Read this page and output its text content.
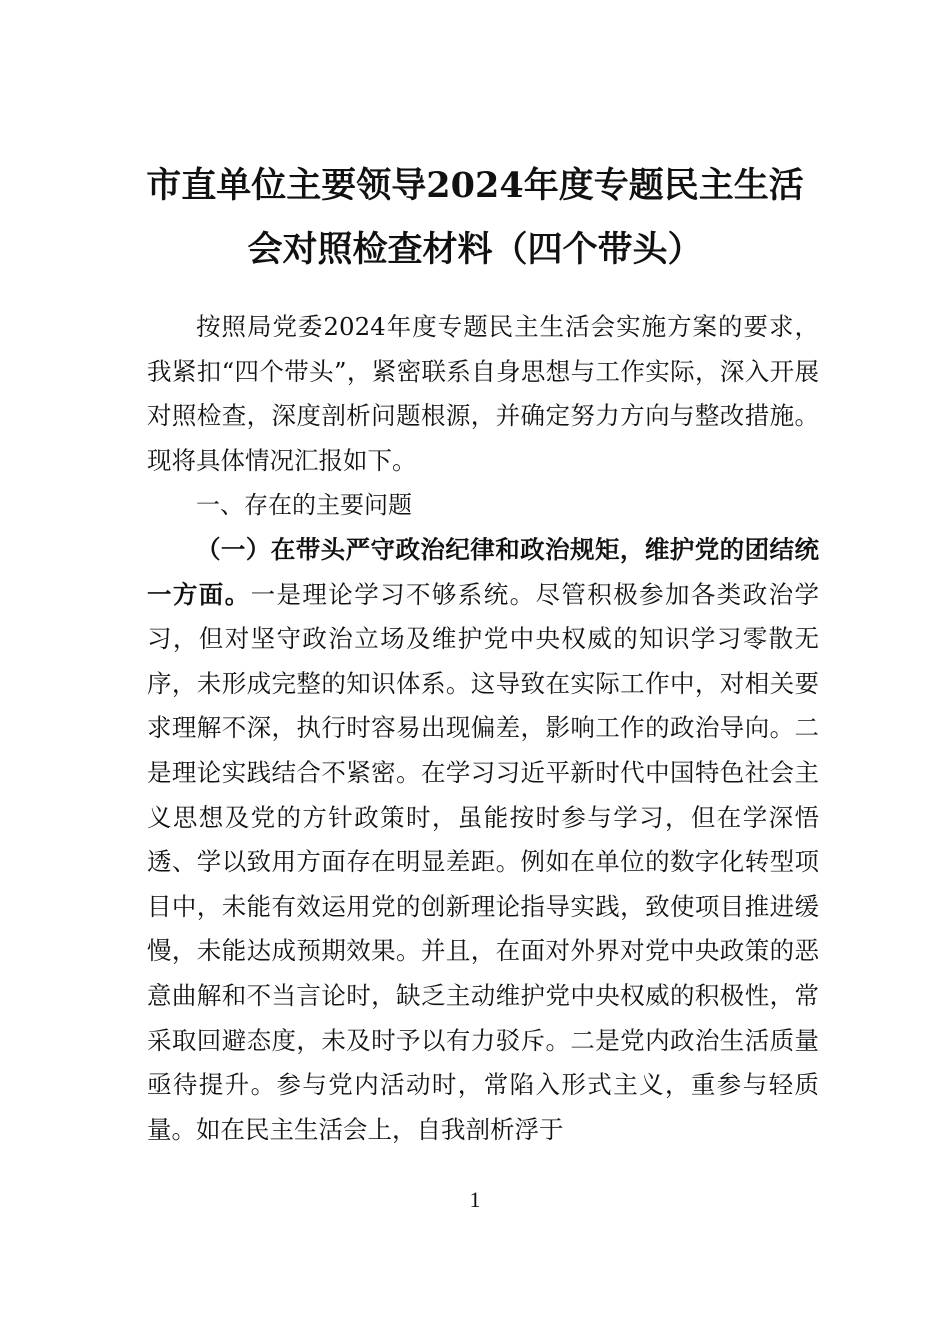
市直单位主要领导2024年度专题民主生活
会对照检查材料（四个带头）

按照局党委2024年度专题民主生活会实施方案的要求，我紧扣“四个带头”，紧密联系自身思想与工作实际，深入开展对照检查，深度剖析问题根源，并确定努力方向与整改措施。现将具体情况汇报如下。

一、存在的主要问题

（一）在带头严守政治纪律和政治规矩，维护党的团结统一方面。一是理论学习不够系统。尽管积极参加各类政治学习，但对坚守政治立场及维护党中央权威的知识学习零散无序，未形成完整的知识体系。这导致在实际工作中，对相关要求理解不深，执行时容易出现偏差，影响工作的政治导向。二是理论实践结合不紧密。在学习习近平新时代中国特色社会主义思想及党的方针政策时，虽能按时参与学习，但在学深悟透、学以致用方面存在明显差距。例如在单位的数字化转型项目中，未能有效运用党的创新理论指导实践，致使项目推进缓慢，未能达成预期效果。并且，在面对外界对党中央政策的恶意曲解和不当言论时，缺乏主动维护党中央权威的积极性，常采取回避态度，未及时予以有力驳斥。二是党内政治生活质量亟待提升。参与党内活动时，常陷入形式主义，重参与轻质量。如在民主生活会上，自我剖析浮于

1
